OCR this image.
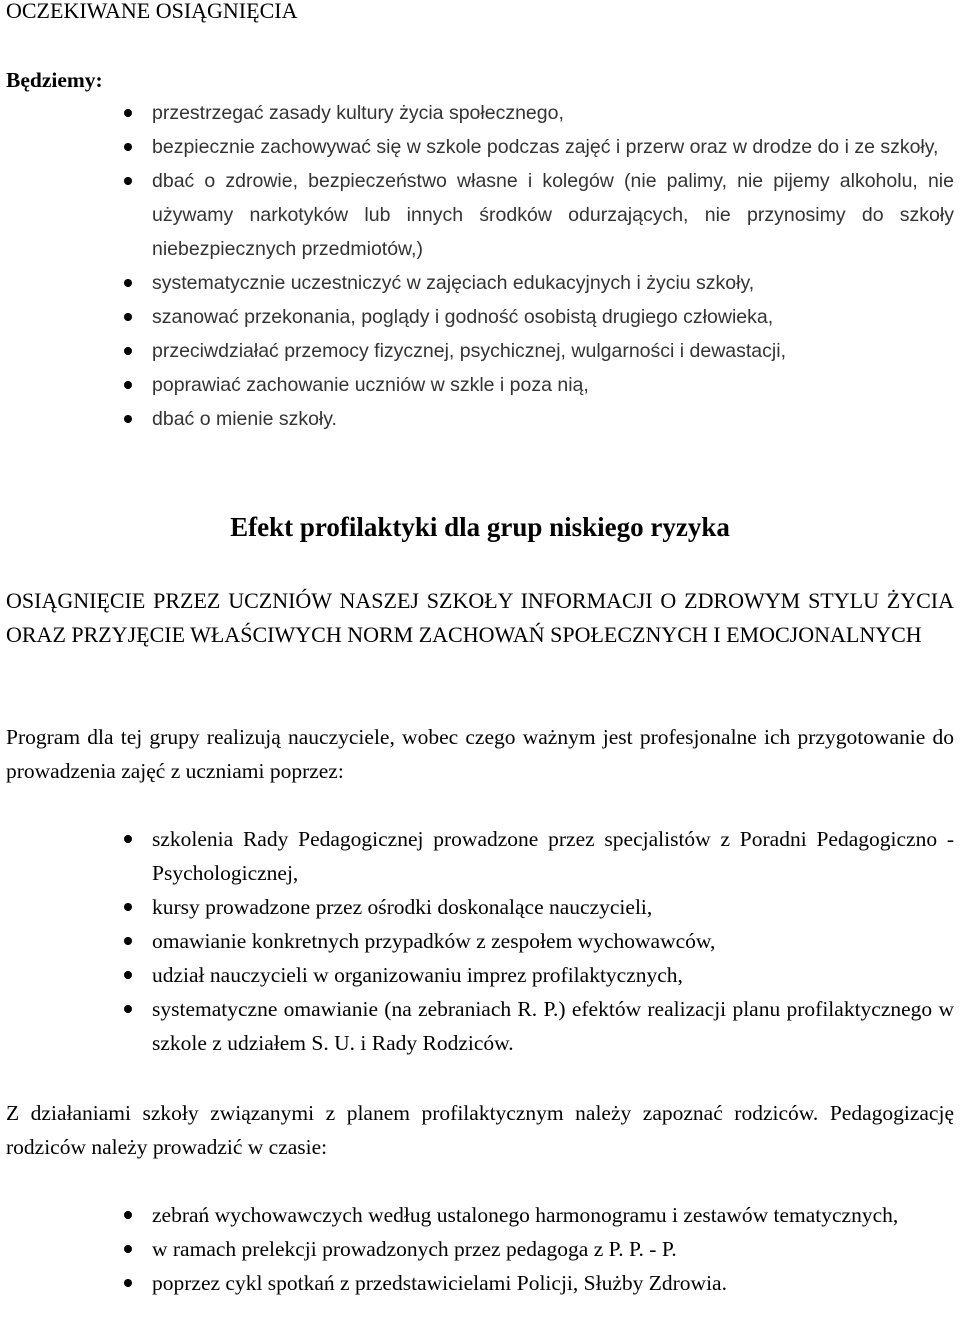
OCZEKIWANE OSIĄGNIĘCIA

Będziemy:

przestrzegać zasady kultury życia społecznego,
bezpiecznie zachowywać się w szkole podczas zajęć i przerw oraz w drodze do i ze szkoły,
dbać o zdrowie, bezpieczeństwo własne i kolegów (nie palimy, nie pijemy alkoholu, nie używamy narkotyków lub innych środków odurzających, nie przynosimy do szkoły niebezpiecznych przedmiotów,)
systematycznie uczestniczyć w zajęciach edukacyjnych i życiu szkoły,
szanować przekonania, poglądy i godność osobistą drugiego człowieka,
przeciwdziałać przemocy fizycznej, psychicznej, wulgarności i dewastacji,
poprawiać zachowanie uczniów w szkle i poza nią,
dbać o mienie szkoły.
Efekt profilaktyki dla grup niskiego ryzyka

OSIĄGNIĘCIE PRZEZ UCZNIÓW NASZEJ SZKOŁY INFORMACJI O ZDROWYM STYLU ŻYCIA ORAZ PRZYJĘCIE WŁAŚCIWYCH NORM ZACHOWAŃ SPOŁECZNYCH I EMOCJONALNYCH

Program dla tej grupy realizują nauczyciele, wobec czego ważnym jest profesjonalne ich przygotowanie do prowadzenia zajęć z uczniami poprzez:

szkolenia Rady Pedagogicznej prowadzone przez specjalistów z Poradni Pedagogiczno - Psychologicznej,
kursy prowadzone przez ośrodki doskonalące nauczycieli,
omawianie konkretnych przypadków z zespołem wychowawców,
udział nauczycieli w organizowaniu imprez profilaktycznych,
systematyczne omawianie (na zebraniach R. P.) efektów realizacji planu profilaktycznego w szkole z udziałem S. U. i Rady Rodziców.

Z działaniami szkoły związanymi z planem profilaktycznym należy zapoznać rodziców. Pedagogizację rodziców należy prowadzić w czasie:

zebrań wychowawczych według ustalonego harmonogramu i zestawów tematycznych,
w ramach prelekcji prowadzonych przez pedagoga z P. P. - P.
poprzez cykl spotkań z przedstawicielami Policji, Służby Zdrowia.
